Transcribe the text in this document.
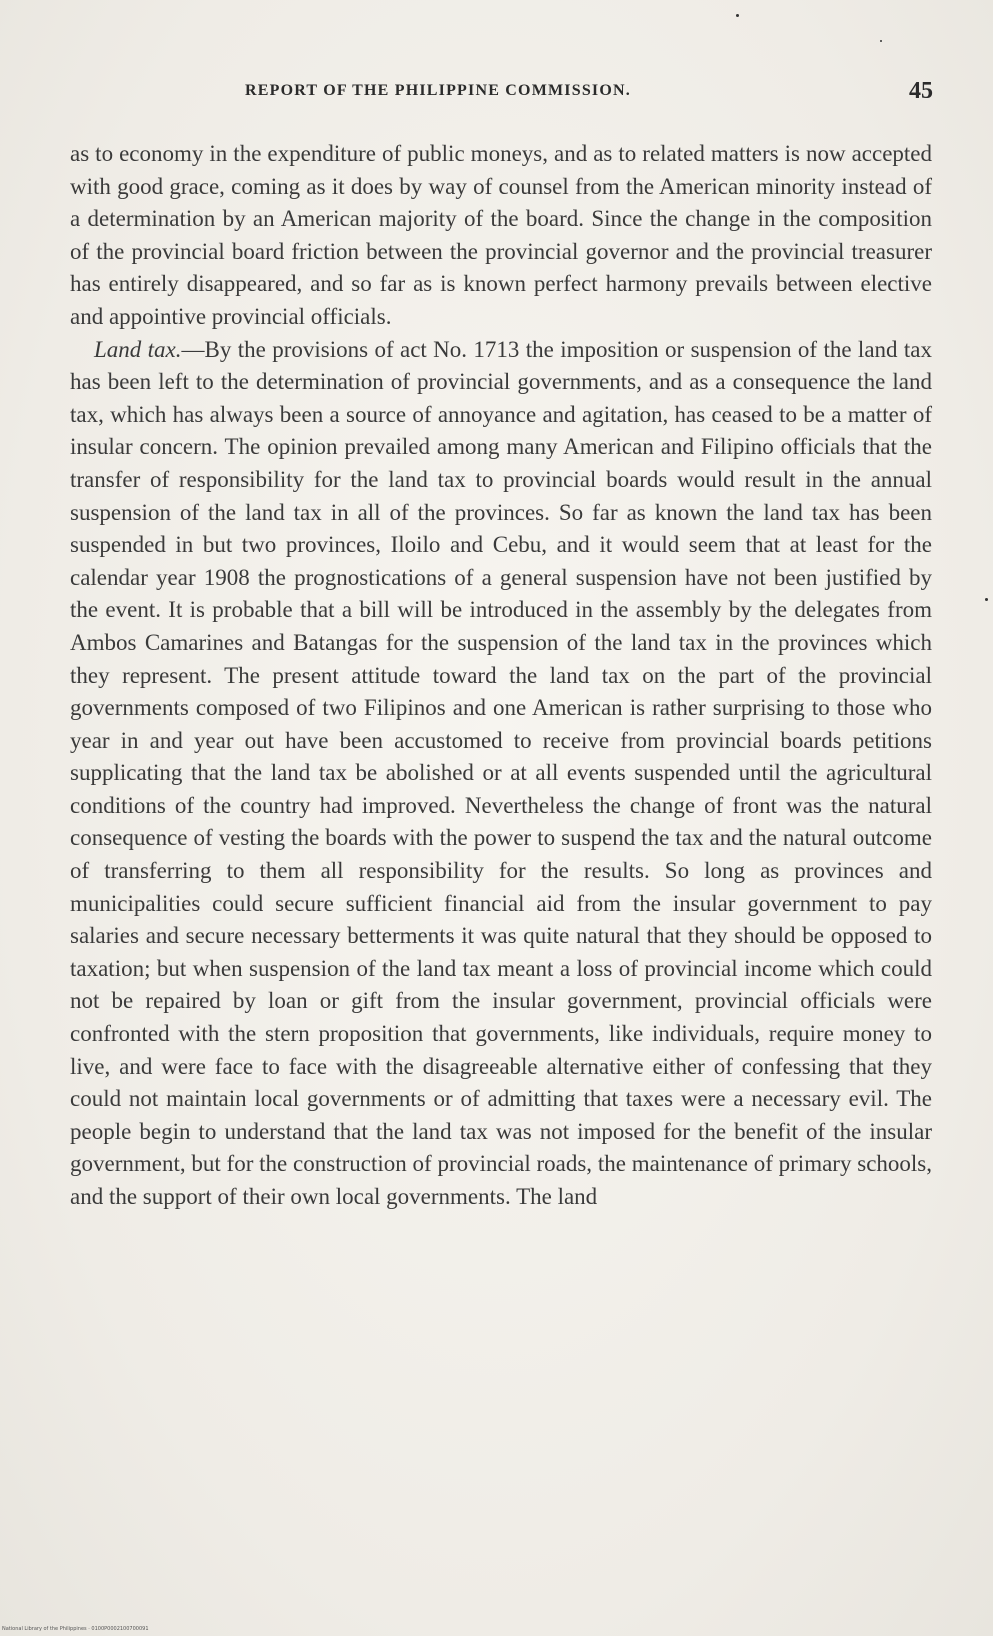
REPORT OF THE PHILIPPINE COMMISSION.	45

as to economy in the expenditure of public moneys, and as to related matters is now accepted with good grace, coming as it does by way of counsel from the American minority instead of a determination by an American majority of the board. Since the change in the composition of the provincial board friction between the provincial governor and the provincial treasurer has entirely disappeared, and so far as is known perfect harmony prevails between elective and appointive provincial officials.

Land tax.—By the provisions of act No. 1713 the imposition or suspension of the land tax has been left to the determination of provincial governments, and as a consequence the land tax, which has always been a source of annoyance and agitation, has ceased to be a matter of insular concern. The opinion prevailed among many American and Filipino officials that the transfer of responsibility for the land tax to provincial boards would result in the annual suspension of the land tax in all of the provinces. So far as known the land tax has been suspended in but two provinces, Iloilo and Cebu, and it would seem that at least for the calendar year 1908 the prognostications of a general suspension have not been justified by the event. It is probable that a bill will be introduced in the assembly by the delegates from Ambos Camarines and Batangas for the suspension of the land tax in the provinces which they represent. The present attitude toward the land tax on the part of the provincial governments composed of two Filipinos and one American is rather surprising to those who year in and year out have been accustomed to receive from provincial boards petitions supplicating that the land tax be abolished or at all events suspended until the agricultural conditions of the country had improved. Nevertheless the change of front was the natural consequence of vesting the boards with the power to suspend the tax and the natural outcome of transferring to them all responsibility for the results. So long as provinces and municipalities could secure sufficient financial aid from the insular government to pay salaries and secure necessary betterments it was quite natural that they should be opposed to taxation; but when suspension of the land tax meant a loss of provincial income which could not be repaired by loan or gift from the insular government, provincial officials were confronted with the stern proposition that governments, like individuals, require money to live, and were face to face with the disagreeable alternative either of confessing that they could not maintain local governments or of admitting that taxes were a necessary evil. The people begin to understand that the land tax was not imposed for the benefit of the insular government, but for the construction of provincial roads, the maintenance of primary schools, and the support of their own local governments. The land

National Library of the Philippines · 0100P0002100700091
